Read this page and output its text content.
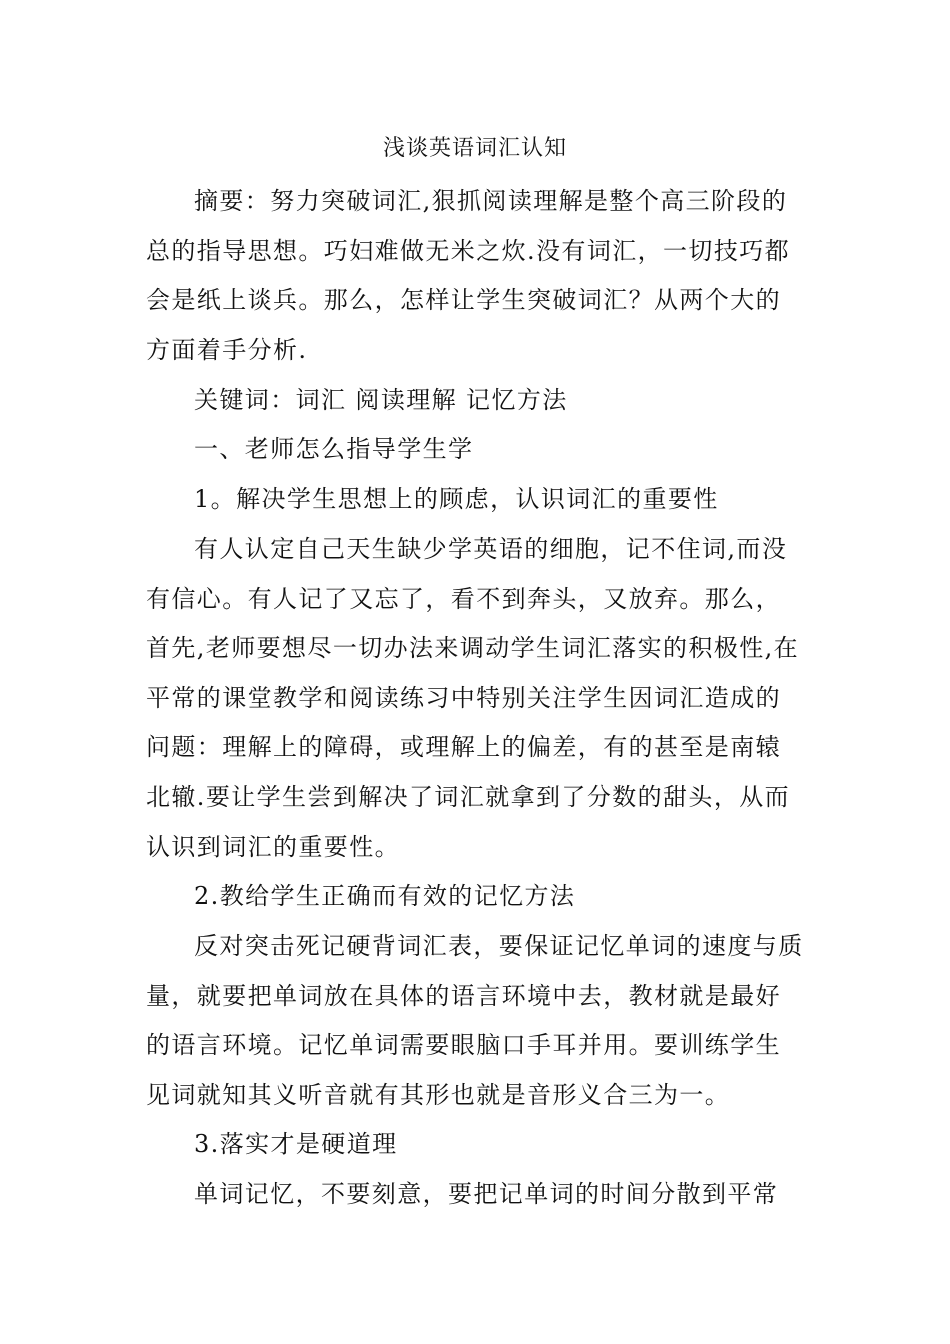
浅谈英语词汇认知
摘要：努力突破词汇,狠抓阅读理解是整个高三阶段的总的指导思想。巧妇难做无米之炊.没有词汇，一切技巧都会是纸上谈兵。那么，怎样让学生突破词汇？从两个大的方面着手分析.
关键词：词汇 阅读理解 记忆方法
一、老师怎么指导学生学
1。解决学生思想上的顾虑，认识词汇的重要性
有人认定自己天生缺少学英语的细胞，记不住词,而没有信心。有人记了又忘了，看不到奔头，又放弃。那么，首先,老师要想尽一切办法来调动学生词汇落实的积极性,在平常的课堂教学和阅读练习中特别关注学生因词汇造成的问题：理解上的障碍，或理解上的偏差，有的甚至是南辕北辙.要让学生尝到解决了词汇就拿到了分数的甜头，从而认识到词汇的重要性。
2.教给学生正确而有效的记忆方法
反对突击死记硬背词汇表，要保证记忆单词的速度与质量，就要把单词放在具体的语言环境中去，教材就是最好的语言环境。记忆单词需要眼脑口手耳并用。要训练学生见词就知其义听音就有其形也就是音形义合三为一。
3.落实才是硬道理
单词记忆，不要刻意，要把记单词的时间分散到平常
